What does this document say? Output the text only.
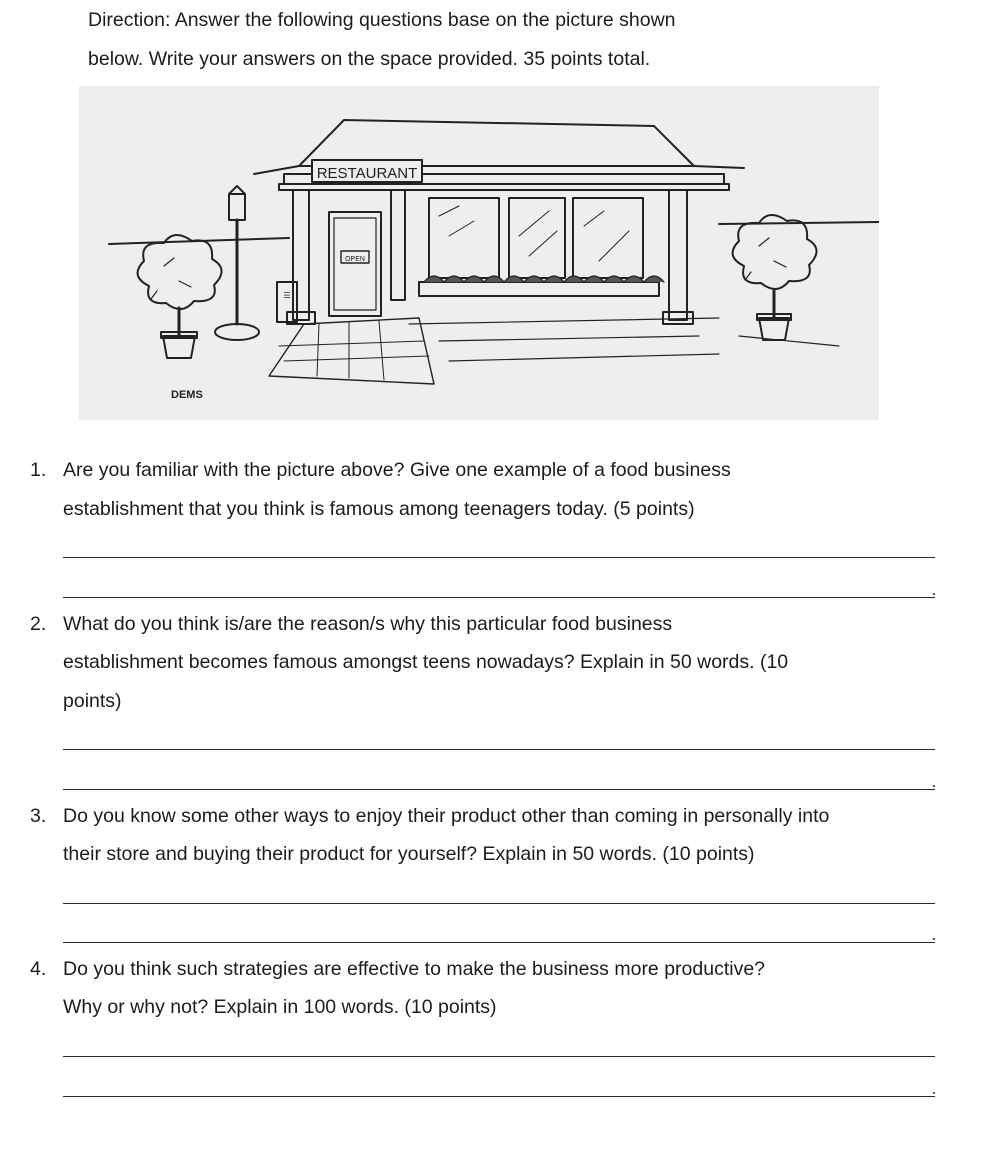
Direction: Answer the following questions base on the picture shown
below. Write your answers on the space provided. 35 points total.
RESTAURANT
OPEN
☰
DEMS
1. Are you familiar with the picture above? Give one example of a food business
establishment that you think is famous among teenagers today. (5 points)
2. What do you think is/are the reason/s why this particular food business
establishment becomes famous amongst teens nowadays? Explain in 50 words. (10
points)
3. Do you know some other ways to enjoy their product other than coming in personally into
their store and buying their product for yourself? Explain in 50 words. (10 points)
4. Do you think such strategies are effective to make the business more productive?
Why or why not? Explain in 100 words. (10 points)
